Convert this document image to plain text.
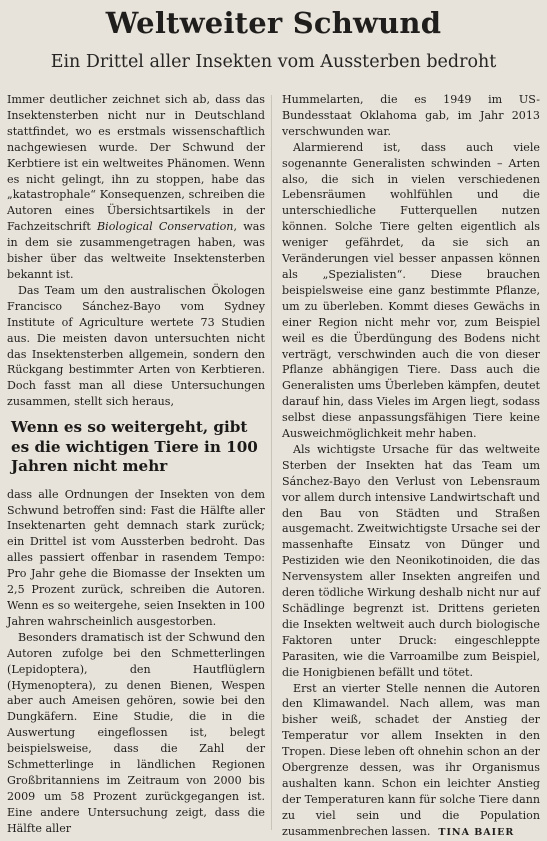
Weltweiter Schwund
Ein Drittel aller Insekten vom Aussterben bedroht

Immer deutlicher zeichnet sich ab, dass das Insektensterben nicht nur in Deutschland stattfindet, wo es erstmals wissenschaftlich nachgewiesen wurde. Der Schwund der Kerbtiere ist ein weltweites Phänomen. Wenn es nicht gelingt, ihn zu stoppen, habe das „katastrophale“ Konsequenzen, schreiben die Autoren eines Übersichtsartikels in der Fachzeitschrift Biological Conservation, was in dem sie zusammengetragen haben, was bisher über das weltweite Insektensterben bekannt ist.

Das Team um den australischen Ökologen Francisco Sánchez-Bayo vom Sydney Institute of Agriculture wertete 73 Studien aus. Die meisten davon untersuchten nicht das Insektensterben allgemein, sondern den Rückgang bestimmter Arten von Kerbtieren. Doch fasst man all diese Untersuchungen zusammen, stellt sich heraus,

Wenn es so weitergeht, gibt es die wichtigen Tiere in 100 Jahren nicht mehr

dass alle Ordnungen der Insekten von dem Schwund betroffen sind: Fast die Hälfte aller Insektenarten geht demnach stark zurück; ein Drittel ist vom Aussterben bedroht. Das alles passiert offenbar in rasendem Tempo: Pro Jahr gehe die Biomasse der Insekten um 2,5 Prozent zurück, schreiben die Autoren. Wenn es so weitergehe, seien Insekten in 100 Jahren wahrscheinlich ausgestorben.

Besonders dramatisch ist der Schwund den Autoren zufolge bei den Schmetterlingen (Lepidoptera), den Hautflüglern (Hymenoptera), zu denen Bienen, Wespen aber auch Ameisen gehören, sowie bei den Dungkäfern. Eine Studie, die in die Auswertung eingeflossen ist, belegt beispielsweise, dass die Zahl der Schmetterlinge in ländlichen Regionen Großbritanniens im Zeitraum von 2000 bis 2009 um 58 Prozent zurückgegangen ist. Eine andere Untersuchung zeigt, dass die Hälfte aller

Hummelarten, die es 1949 im US-Bundesstaat Oklahoma gab, im Jahr 2013 verschwunden war.

Alarmierend ist, dass auch viele sogenannte Generalisten schwinden – Arten also, die sich in vielen verschiedenen Lebensräumen wohlfühlen und die unterschiedliche Futterquellen nutzen können. Solche Tiere gelten eigentlich als weniger gefährdet, da sie sich an Veränderungen viel besser anpassen können als „Spezialisten“. Diese brauchen beispielsweise eine ganz bestimmte Pflanze, um zu überleben. Kommt dieses Gewächs in einer Region nicht mehr vor, zum Beispiel weil es die Überdüngung des Bodens nicht verträgt, verschwinden auch die von dieser Pflanze abhängigen Tiere. Dass auch die Generalisten ums Überleben kämpfen, deutet darauf hin, dass Vieles im Argen liegt, sodass selbst diese anpassungsfähigen Tiere keine Ausweichmöglichkeit mehr haben.

Als wichtigste Ursache für das weltweite Sterben der Insekten hat das Team um Sánchez-Bayo den Verlust von Lebensraum vor allem durch intensive Landwirtschaft und den Bau von Städten und Straßen ausgemacht. Zweitwichtigste Ursache sei der massenhafte Einsatz von Dünger und Pestiziden wie den Neonikotinoiden, die das Nervensystem aller Insekten angreifen und deren tödliche Wirkung deshalb nicht nur auf Schädlinge begrenzt ist. Drittens gerieten die Insekten weltweit auch durch biologische Faktoren unter Druck: eingeschleppte Parasiten, wie die Varroamilbe zum Beispiel, die Honigbienen befällt und tötet.

Erst an vierter Stelle nennen die Autoren den Klimawandel. Nach allem, was man bisher weiß, schadet der Anstieg der Temperatur vor allem Insekten in den Tropen. Diese leben oft ohnehin schon an der Obergrenze dessen, was ihr Organismus aushalten kann. Schon ein leichter Anstieg der Temperaturen kann für solche Tiere dann zu viel sein und die Population zusammenbrechen lassen. TINA BAIER
